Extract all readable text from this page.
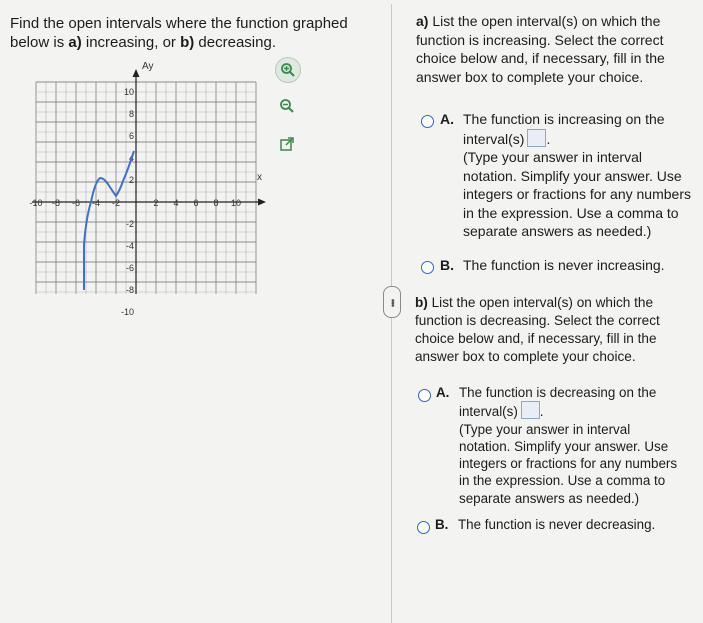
Find the open intervals where the function graphed
below is a) increasing, or b) decreasing.
-10 -8 -6 -4 -2	2 4 6 8 10
10
8
6
4
2
-2
-4
-6
-8
-10
Ay
x
•••
a) List the open interval(s) on which the
function is increasing. Select the correct
choice below and, if necessary, fill in the
answer box to complete your choice.
A. The function is increasing on the
interval(s) .
(Type your answer in interval
notation. Simplify your answer. Use
integers or fractions for any numbers
in the expression. Use a comma to
separate answers as needed.)
B. The function is never increasing.
b) List the open interval(s) on which the
function is decreasing. Select the correct
choice below and, if necessary, fill in the
answer box to complete your choice.
A. The function is decreasing on the
interval(s) .
(Type your answer in interval
notation. Simplify your answer. Use
integers or fractions for any numbers
in the expression. Use a comma to
separate answers as needed.)
B. The function is never decreasing.
